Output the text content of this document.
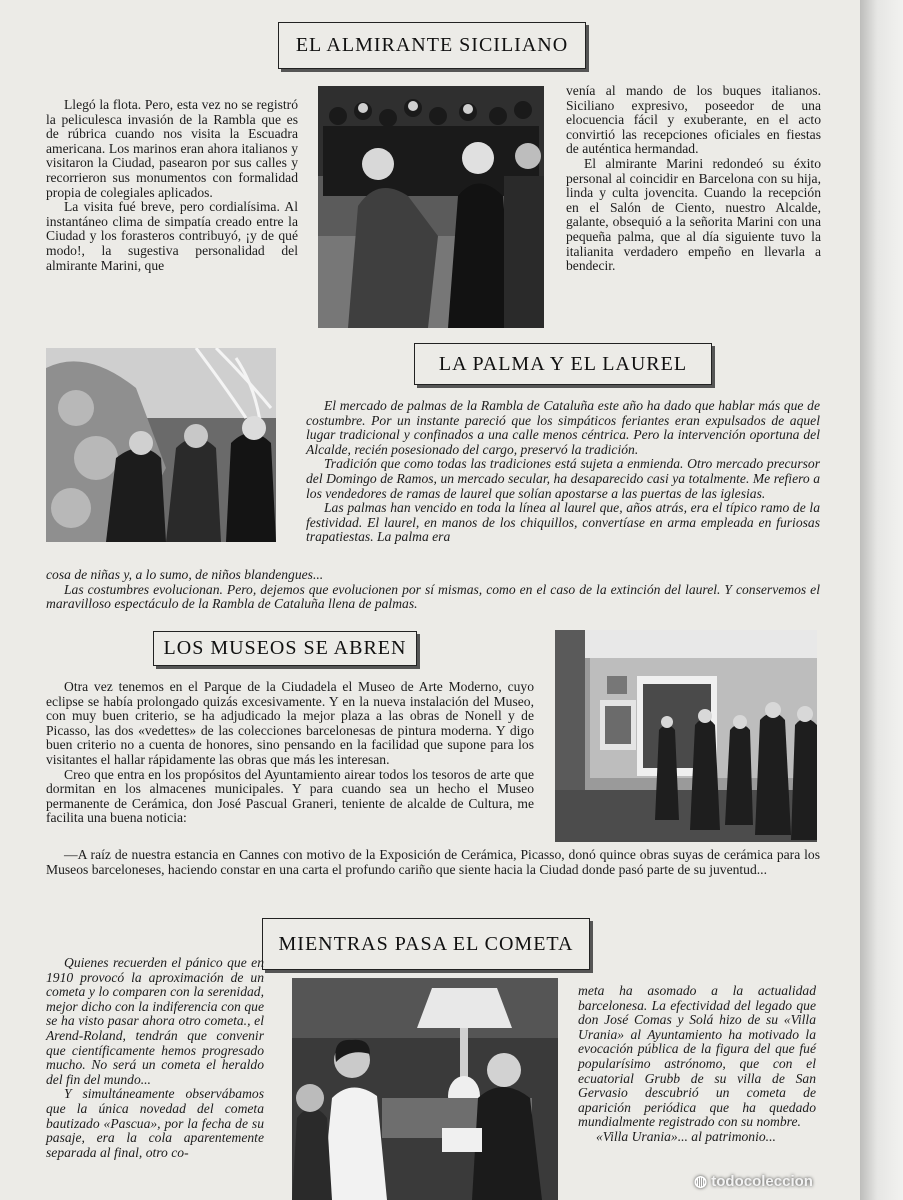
EL ALMIRANTE SICILIANO

Llegó la flota. Pero, esta vez no se registró la peliculesca invasión de la Rambla que es de rúbrica cuando nos visita la Escuadra americana. Los marinos eran ahora italianos y visitaron la Ciudad, pasearon por sus calles y recorrieron sus monumentos con formalidad propia de colegiales aplicados.

La visita fué breve, pero cordialísima. Al instantáneo clima de simpatía creado entre la Ciudad y los forasteros contribuyó, ¡y de qué modo!, la sugestiva personalidad del almirante Marini, que

venía al mando de los buques italianos. Siciliano expresivo, poseedor de una elocuencia fácil y exuberante, en el acto convirtió las recepciones oficiales en fiestas de auténtica hermandad.

El almirante Marini redondeó su éxito personal al coincidir en Barcelona con su hija, linda y culta jovencita. Cuando la recepción en el Salón de Ciento, nuestro Alcalde, galante, obsequió a la señorita Marini con una pequeña palma, que al día siguiente tuvo la italianita verdadero empeño en llevarla a bendecir.

LA PALMA Y EL LAUREL

El mercado de palmas de la Rambla de Cataluña este año ha dado que hablar más que de costumbre. Por un instante pareció que los simpáticos feriantes eran expulsados de aquel lugar tradicional y confinados a una calle menos céntrica. Pero la intervención oportuna del Alcalde, recién posesionado del cargo, preservó la tradición.

Tradición que como todas las tradiciones está sujeta a enmienda. Otro mercado precursor del Domingo de Ramos, un mercado secular, ha desaparecido casi ya totalmente. Me refiero a los vendedores de ramas de laurel que solían apostarse a las puertas de las iglesias.

Las palmas han vencido en toda la línea al laurel que, años atrás, era el típico ramo de la festividad. El laurel, en manos de los chiquillos, convertíase en arma empleada en furiosas trapatiestas. La palma era

cosa de niñas y, a lo sumo, de niños blandengues...

Las costumbres evolucionan. Pero, dejemos que evolucionen por sí mismas, como en el caso de la extinción del laurel. Y conservemos el maravilloso espectáculo de la Rambla de Cataluña llena de palmas.

LOS MUSEOS SE ABREN

Otra vez tenemos en el Parque de la Ciudadela el Museo de Arte Moderno, cuyo eclipse se había prolongado quizás excesivamente. Y en la nueva instalación del Museo, con muy buen criterio, se ha adjudicado la mejor plaza a las obras de Nonell y de Picasso, las dos «vedettes» de las colecciones barcelonesas de pintura moderna. Y digo buen criterio no a cuenta de honores, sino pensando en la facilidad que supone para los visitantes el hallar rápidamente las obras que más les interesan.

Creo que entra en los propósitos del Ayuntamiento airear todos los tesoros de arte que dormitan en los almacenes municipales. Y para cuando sea un hecho el Museo permanente de Cerámica, don José Pascual Graneri, teniente de alcalde de Cultura, me facilita una buena noticia:

—A raíz de nuestra estancia en Cannes con motivo de la Exposición de Cerámica, Picasso, donó quince obras suyas de cerámica para los Museos barceloneses, haciendo constar en una carta el profundo cariño que siente hacia la Ciudad donde pasó parte de su juventud...

MIENTRAS PASA EL COMETA

Quienes recuerden el pánico que en 1910 provocó la aproximación de un cometa y lo comparen con la serenidad, mejor dicho con la indiferencia con que se ha visto pasar ahora otro cometa., el Arend-Roland, tendrán que convenir que científicamente hemos progresado mucho. No será un cometa el heraldo del fin del mundo...

Y simultáneamente observábamos que la única novedad del cometa bautizado «Pascua», por la fecha de su pasaje, era la cola aparentemente separada al final, otro co-

meta ha asomado a la actualidad barcelonesa. La efectividad del legado que don José Comas y Solá hizo de su «Villa Urania» al Ayuntamiento ha motivado la evocación pública de la figura del que fué popularísimo astrónomo, que con el ecuatorial Grubb de su villa de San Gervasio descubrió un cometa de aparición periódica que ha quedado mundialmente registrado con su nombre.

«Villa Urania»... al patrimonio...

◍ todocoleccion
